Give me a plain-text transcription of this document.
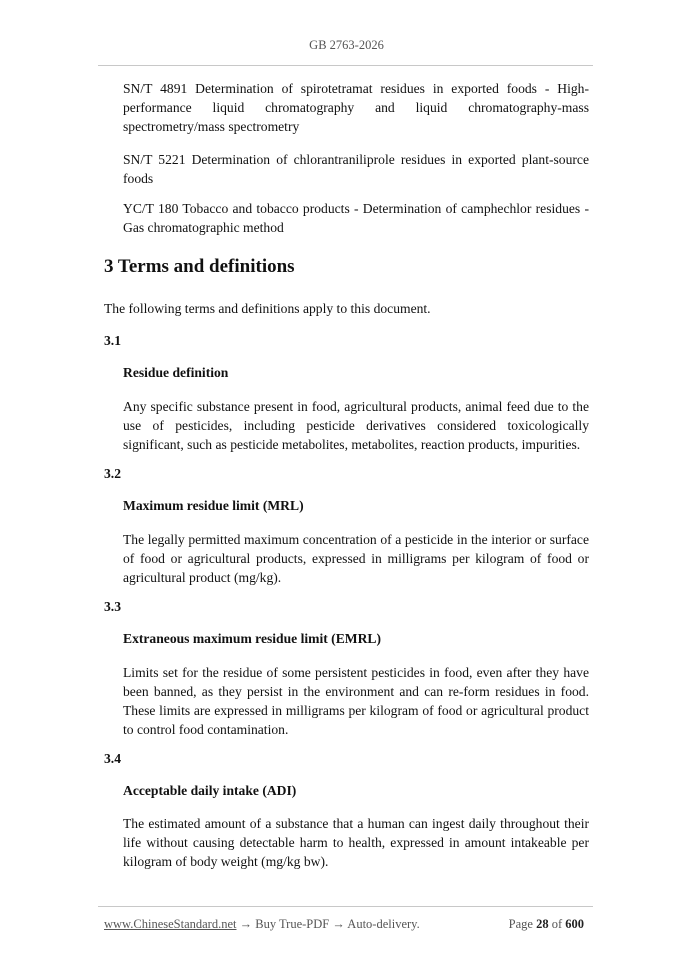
GB 2763-2026
SN/T 4891 Determination of spirotetramat residues in exported foods - High-performance liquid chromatography and liquid chromatography-mass spectrometry/mass spectrometry
SN/T 5221 Determination of chlorantraniliprole residues in exported plant-source foods
YC/T 180 Tobacco and tobacco products - Determination of camphechlor residues - Gas chromatographic method
3 Terms and definitions
The following terms and definitions apply to this document.
3.1
Residue definition
Any specific substance present in food, agricultural products, animal feed due to the use of pesticides, including pesticide derivatives considered toxicologically significant, such as pesticide metabolites, metabolites, reaction products, impurities.
3.2
Maximum residue limit (MRL)
The legally permitted maximum concentration of a pesticide in the interior or surface of food or agricultural products, expressed in milligrams per kilogram of food or agricultural product (mg/kg).
3.3
Extraneous maximum residue limit (EMRL)
Limits set for the residue of some persistent pesticides in food, even after they have been banned, as they persist in the environment and can re-form residues in food. These limits are expressed in milligrams per kilogram of food or agricultural product to control food contamination.
3.4
Acceptable daily intake (ADI)
The estimated amount of a substance that a human can ingest daily throughout their life without causing detectable harm to health, expressed in amount intakeable per kilogram of body weight (mg/kg bw).
www.ChineseStandard.net → Buy True-PDF → Auto-delivery.	Page 28 of 600
